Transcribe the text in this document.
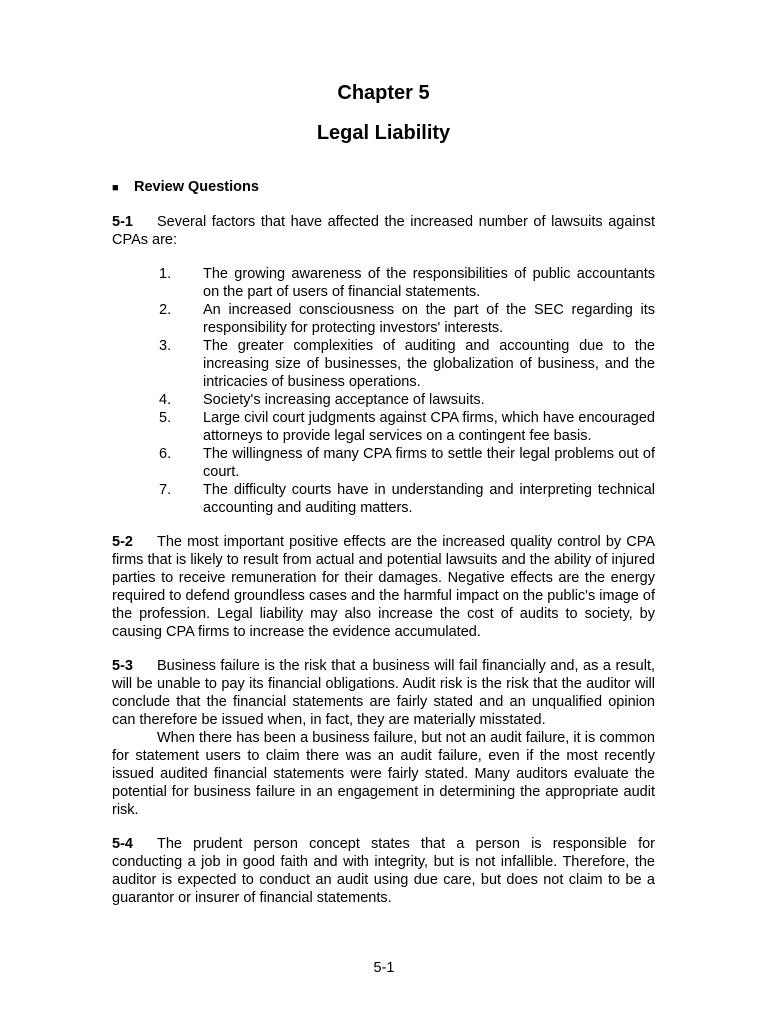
Chapter 5
Legal Liability
■ Review Questions

5-1 Several factors that have affected the increased number of lawsuits against CPAs are:

1.	The growing awareness of the responsibilities of public accountants on the part of users of financial statements.
2.	An increased consciousness on the part of the SEC regarding its responsibility for protecting investors' interests.
3.	The greater complexities of auditing and accounting due to the increasing size of businesses, the globalization of business, and the intricacies of business operations.
4.	Society's increasing acceptance of lawsuits.
5.	Large civil court judgments against CPA firms, which have encouraged attorneys to provide legal services on a contingent fee basis.
6.	The willingness of many CPA firms to settle their legal problems out of court.
7.	The difficulty courts have in understanding and interpreting technical accounting and auditing matters.

5-2 The most important positive effects are the increased quality control by CPA firms that is likely to result from actual and potential lawsuits and the ability of injured parties to receive remuneration for their damages. Negative effects are the energy required to defend groundless cases and the harmful impact on the public's image of the profession. Legal liability may also increase the cost of audits to society, by causing CPA firms to increase the evidence accumulated.

5-3 Business failure is the risk that a business will fail financially and, as a result, will be unable to pay its financial obligations. Audit risk is the risk that the auditor will conclude that the financial statements are fairly stated and an unqualified opinion can therefore be issued when, in fact, they are materially misstated.

When there has been a business failure, but not an audit failure, it is common for statement users to claim there was an audit failure, even if the most recently issued audited financial statements were fairly stated. Many auditors evaluate the potential for business failure in an engagement in determining the appropriate audit risk.

5-4 The prudent person concept states that a person is responsible for conducting a job in good faith and with integrity, but is not infallible. Therefore, the auditor is expected to conduct an audit using due care, but does not claim to be a guarantor or insurer of financial statements.

5-1
